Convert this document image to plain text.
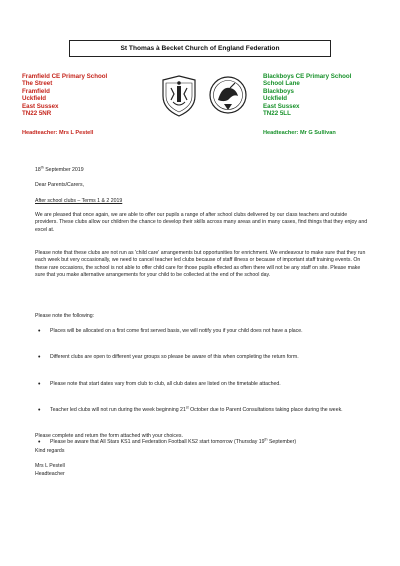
St Thomas à Becket Church of England Federation
Framfield CE Primary School
The Street
Framfield
Uckfield
East Sussex
TN22 5NR
Headteacher: Mrs L Pestell
Blackboys CE Primary School
School Lane
Blackboys
Uckfield
East Sussex
TN22 5LL
Headteacher: Mr G Sullivan
18th September 2019
Dear Parents/Carers,
After school clubs – Terms 1 & 2 2019
We are pleased that once again, we are able to offer our pupils a range of after school clubs delivered by our class teachers and outside providers. These clubs allow our children the chance to develop their skills across many areas and in many cases, find things that they enjoy and excel at.
Please note that these clubs are not run as 'child care' arrangements but opportunities for enrichment. We endeavour to make sure that they run each week but very occasionally, we need to cancel teacher led clubs because of staff illness or because of important staff training events. On these rare occasions, the school is not able to offer child care for those pupils effected as often there will not be any staff on site. Please make sure that you make alternative arrangements for your child to be collected at the end of the school day.
Please note the following:
• Places will be allocated on a first come first served basis, we will notify you if your child does not have a place.
• Different clubs are open to different year groups so please be aware of this when completing the return form.
• Please note that start dates vary from club to club, all club dates are listed on the timetable attached.
• Teacher led clubs will not run during the week beginning 21st October due to Parent Consultations taking place during the week.
• Please be aware that All Stars KS1 and Federation Football KS2 start tomorrow (Thursday 19th September)
Please complete and return the form attached with your choices.
Kind regards
Mrs L Pestell
Headteacher
